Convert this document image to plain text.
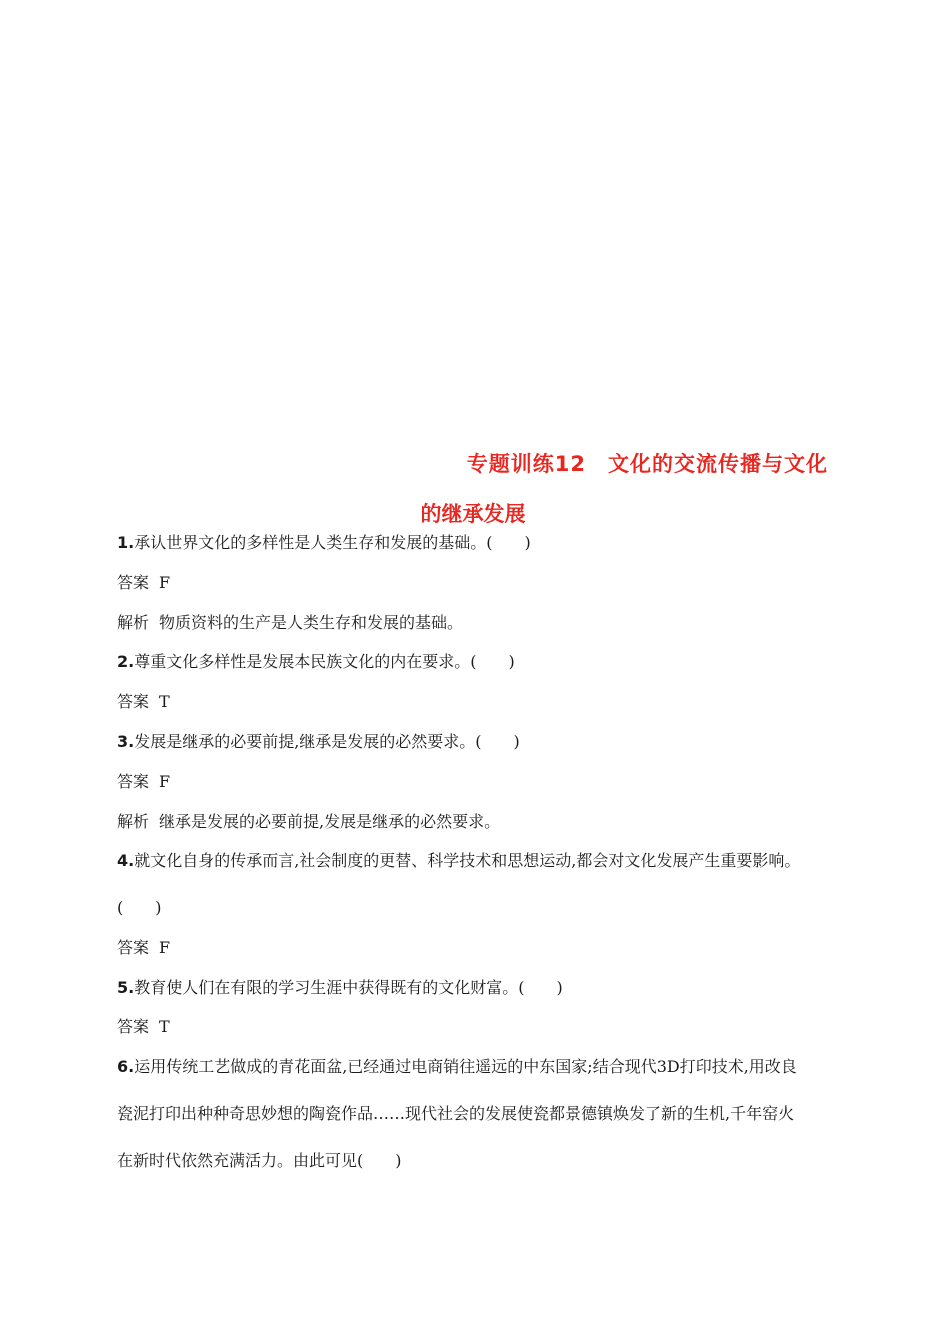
专题训练12　文化的交流传播与文化
的继承发展
1.承认世界文化的多样性是人类生存和发展的基础。(　　)
答案 F
解析 物质资料的生产是人类生存和发展的基础。
2.尊重文化多样性是发展本民族文化的内在要求。(　　)
答案 T
3.发展是继承的必要前提,继承是发展的必然要求。(　　)
答案 F
解析 继承是发展的必要前提,发展是继承的必然要求。
4.就文化自身的传承而言,社会制度的更替、科学技术和思想运动,都会对文化发展产生重要影响。
(　　)
答案 F
5.教育使人们在有限的学习生涯中获得既有的文化财富。(　　)
答案 T
6.运用传统工艺做成的青花面盆,已经通过电商销往遥远的中东国家;结合现代3D打印技术,用改良
瓷泥打印出种种奇思妙想的陶瓷作品……现代社会的发展使瓷都景德镇焕发了新的生机,千年窑火
在新时代依然充满活力。由此可见(　　)
